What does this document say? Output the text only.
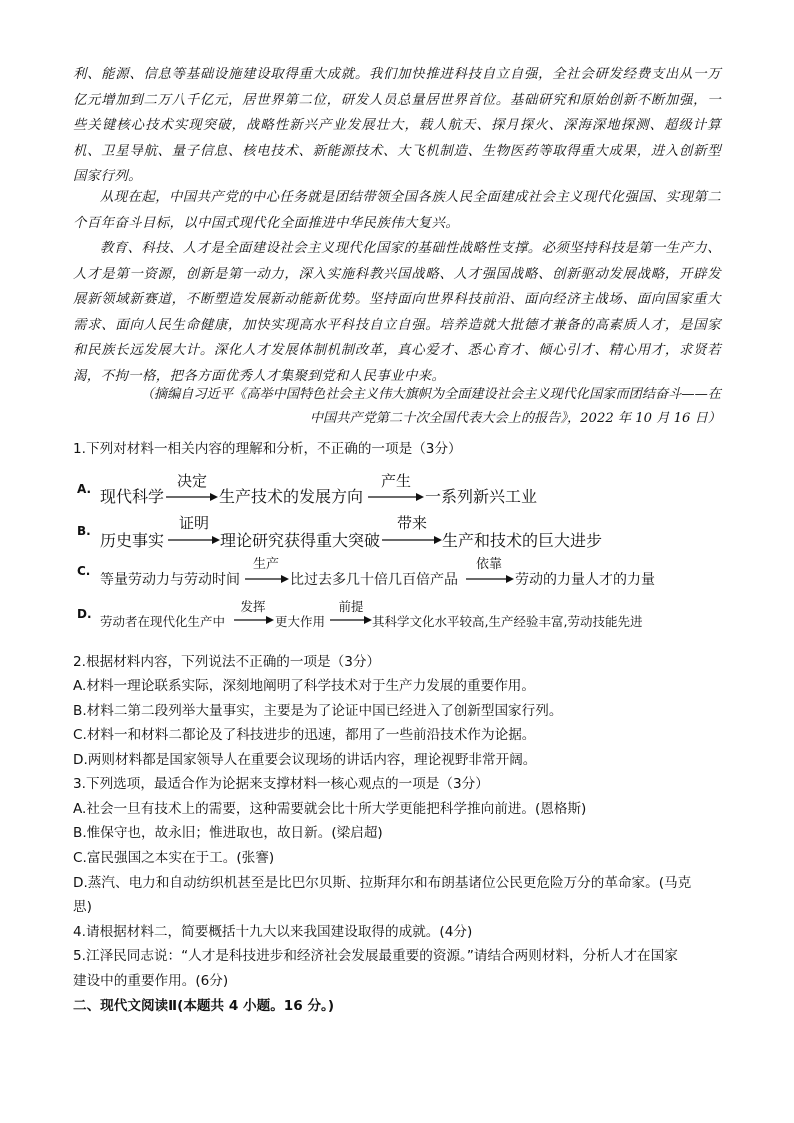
利、能源、信息等基础设施建设取得重大成就。我们加快推进科技自立自强，全社会研发经费支出从一万亿元增加到二万八千亿元，居世界第二位，研发人员总量居世界首位。基础研究和原始创新不断加强，一些关键核心技术实现突破，战略性新兴产业发展壮大，载人航天、探月探火、深海深地探测、超级计算机、卫星导航、量子信息、核电技术、新能源技术、大飞机制造、生物医药等取得重大成果，进入创新型国家行列。
从现在起，中国共产党的中心任务就是团结带领全国各族人民全面建成社会主义现代化强国、实现第二个百年奋斗目标，以中国式现代化全面推进中华民族伟大复兴。
教育、科技、人才是全面建设社会主义现代化国家的基础性战略性支撑。必须坚持科技是第一生产力、人才是第一资源，创新是第一动力，深入实施科教兴国战略、人才强国战略、创新驱动发展战略，开辟发展新领域新赛道，不断塑造发展新动能新优势。坚持面向世界科技前沿、面向经济主战场、面向国家重大需求、面向人民生命健康，加快实现高水平科技自立自强。培养造就大批德才兼备的高素质人才，是国家和民族长远发展大计。深化人才发展体制机制改革，真心爱才、悉心育才、倾心引才、精心用才，求贤若渴，不拘一格，把各方面优秀人才集聚到党和人民事业中来。
（摘编自习近平《高举中国特色社会主义伟大旗帜为全面建设社会主义现代化国家而团结奋斗——在
中国共产党第二十次全国代表大会上的报告》，2022 年 10 月 16 日）
1.下列对材料一相关内容的理解和分析，不正确的一项是（3分）
A. 现代科学
决定
生产技术的发展方向
产生
一系列新兴工业
B. 历史事实
证明
理论研究获得重大突破
带来
生产和技术的巨大进步
C.
等量劳动力与劳动时间
生产
比过去多几十倍几百倍产品
依靠
劳动的力量人才的力量
D. 劳动者在现代化生产中
发挥
更大作用
前提
其科学文化水平较高,生产经验丰富,劳动技能先进
2.根据材料内容，下列说法不正确的一项是（3分）
A.材料一理论联系实际，深刻地阐明了科学技术对于生产力发展的重要作用。
B.材料二第二段列举大量事实，主要是为了论证中国已经进入了创新型国家行列。
C.材料一和材料二都论及了科技进步的迅速，都用了一些前沿技术作为论据。
D.两则材料都是国家领导人在重要会议现场的讲话内容，理论视野非常开阔。
3.下列选项，最适合作为论据来支撑材料一核心观点的一项是（3分）
A.社会一旦有技术上的需要，这种需要就会比十所大学更能把科学推向前进。(恩格斯)
B.惟保守也，故永旧；惟进取也，故日新。(梁启超)
C.富民强国之本实在于工。(张謇)
D.蒸汽、电力和自动纺织机甚至是比巴尔贝斯、拉斯拜尔和布朗基诸位公民更危险万分的革命家。(马克
思)
4.请根据材料二，简要概括十九大以来我国建设取得的成就。(4分)
5.江泽民同志说：“人才是科技进步和经济社会发展最重要的资源。”请结合两则材料，分析人才在国家
建设中的重要作用。(6分)
二、现代文阅读Ⅱ(本题共 4 小题。16 分。)
